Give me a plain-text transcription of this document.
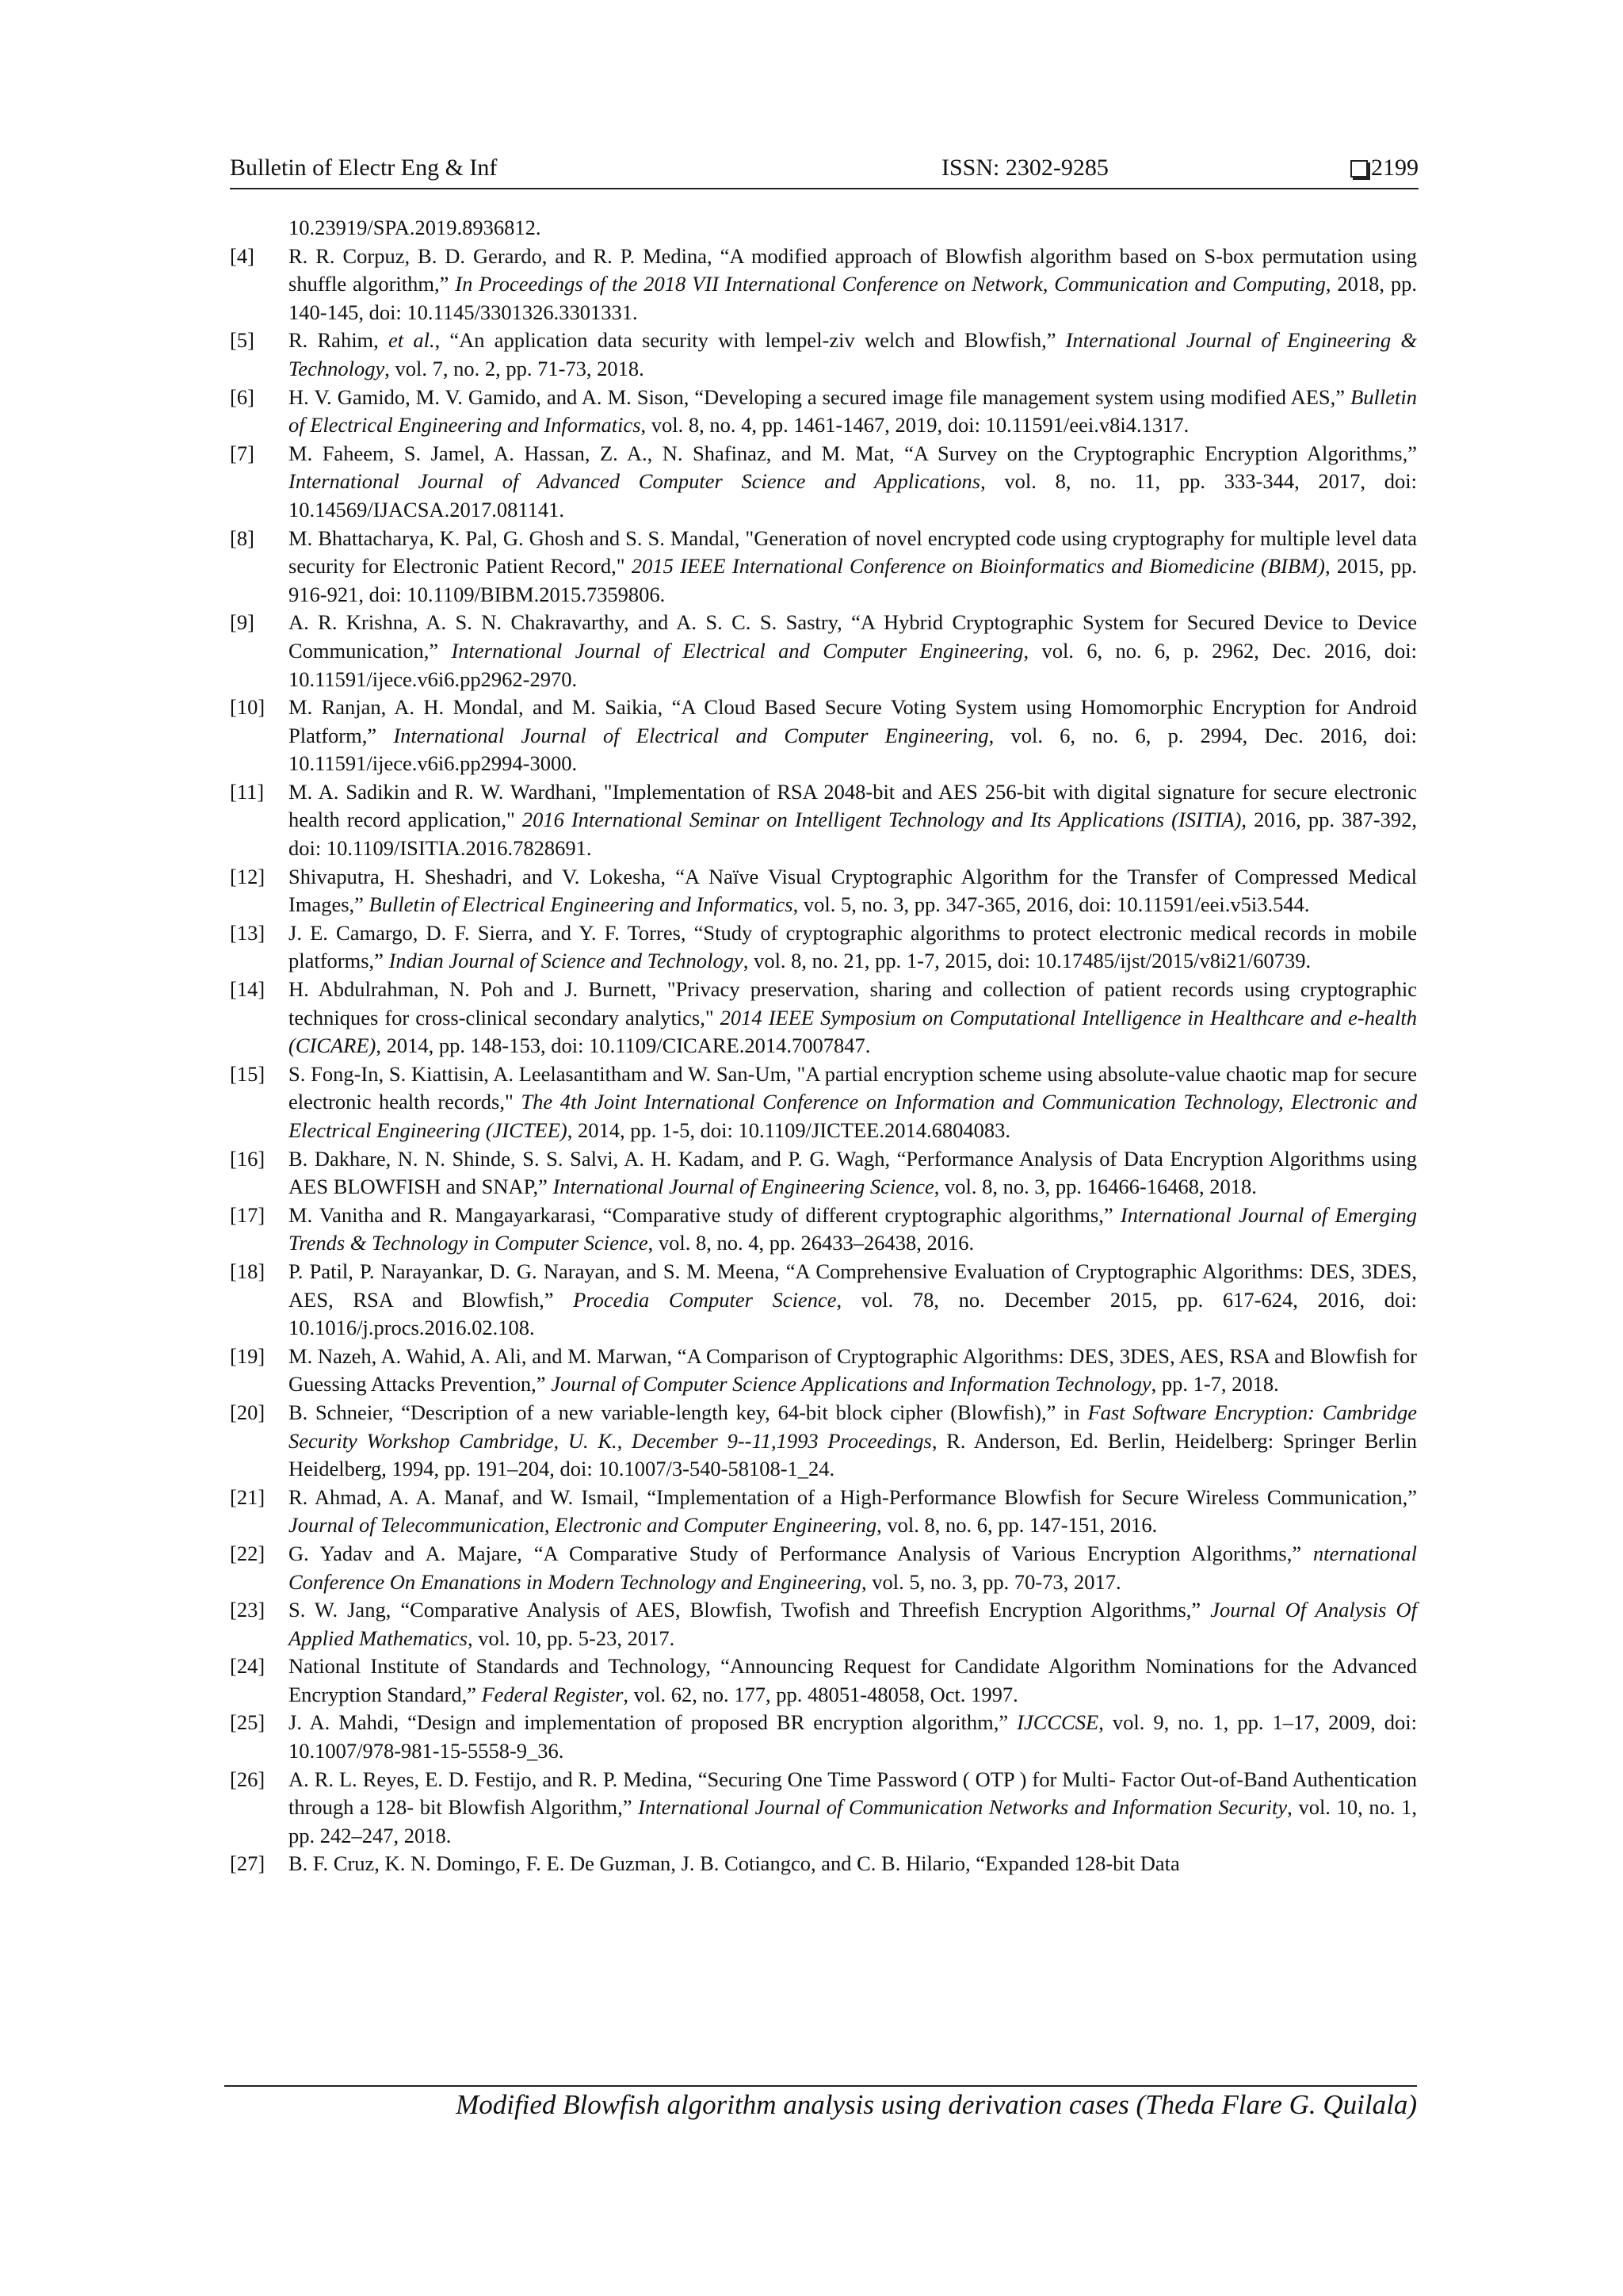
Bulletin of Electr Eng & Inf	ISSN: 2302-9285	2199
10.23919/SPA.2019.8936812.
[4] R. R. Corpuz, B. D. Gerardo, and R. P. Medina, “A modified approach of Blowfish algorithm based on S-box permutation using shuffle algorithm,” In Proceedings of the 2018 VII International Conference on Network, Communication and Computing, 2018, pp. 140-145, doi: 10.1145/3301326.3301331.
[5] R. Rahim, et al., “An application data security with lempel-ziv welch and Blowfish,” International Journal of Engineering & Technology, vol. 7, no. 2, pp. 71-73, 2018.
[6] H. V. Gamido, M. V. Gamido, and A. M. Sison, “Developing a secured image file management system using modified AES,” Bulletin of Electrical Engineering and Informatics, vol. 8, no. 4, pp. 1461-1467, 2019, doi: 10.11591/eei.v8i4.1317.
[7] M. Faheem, S. Jamel, A. Hassan, Z. A., N. Shafinaz, and M. Mat, “A Survey on the Cryptographic Encryption Algorithms,” International Journal of Advanced Computer Science and Applications, vol. 8, no. 11, pp. 333-344, 2017, doi: 10.14569/IJACSA.2017.081141.
[8] M. Bhattacharya, K. Pal, G. Ghosh and S. S. Mandal, "Generation of novel encrypted code using cryptography for multiple level data security for Electronic Patient Record," 2015 IEEE International Conference on Bioinformatics and Biomedicine (BIBM), 2015, pp. 916-921, doi: 10.1109/BIBM.2015.7359806.
[9] A. R. Krishna, A. S. N. Chakravarthy, and A. S. C. S. Sastry, “A Hybrid Cryptographic System for Secured Device to Device Communication,” International Journal of Electrical and Computer Engineering, vol. 6, no. 6, p. 2962, Dec. 2016, doi: 10.11591/ijece.v6i6.pp2962-2970.
[10] M. Ranjan, A. H. Mondal, and M. Saikia, “A Cloud Based Secure Voting System using Homomorphic Encryption for Android Platform,” International Journal of Electrical and Computer Engineering, vol. 6, no. 6, p. 2994, Dec. 2016, doi: 10.11591/ijece.v6i6.pp2994-3000.
[11] M. A. Sadikin and R. W. Wardhani, "Implementation of RSA 2048-bit and AES 256-bit with digital signature for secure electronic health record application," 2016 International Seminar on Intelligent Technology and Its Applications (ISITIA), 2016, pp. 387-392, doi: 10.1109/ISITIA.2016.7828691.
[12] Shivaputra, H. Sheshadri, and V. Lokesha, “A Naïve Visual Cryptographic Algorithm for the Transfer of Compressed Medical Images,” Bulletin of Electrical Engineering and Informatics, vol. 5, no. 3, pp. 347-365, 2016, doi: 10.11591/eei.v5i3.544.
[13] J. E. Camargo, D. F. Sierra, and Y. F. Torres, “Study of cryptographic algorithms to protect electronic medical records in mobile platforms,” Indian Journal of Science and Technology, vol. 8, no. 21, pp. 1-7, 2015, doi: 10.17485/ijst/2015/v8i21/60739.
[14] H. Abdulrahman, N. Poh and J. Burnett, "Privacy preservation, sharing and collection of patient records using cryptographic techniques for cross-clinical secondary analytics," 2014 IEEE Symposium on Computational Intelligence in Healthcare and e-health (CICARE), 2014, pp. 148-153, doi: 10.1109/CICARE.2014.7007847.
[15] S. Fong-In, S. Kiattisin, A. Leelasantitham and W. San-Um, "A partial encryption scheme using absolute-value chaotic map for secure electronic health records," The 4th Joint International Conference on Information and Communication Technology, Electronic and Electrical Engineering (JICTEE), 2014, pp. 1-5, doi: 10.1109/JICTEE.2014.6804083.
[16] B. Dakhare, N. N. Shinde, S. S. Salvi, A. H. Kadam, and P. G. Wagh, “Performance Analysis of Data Encryption Algorithms using AES BLOWFISH and SNAP,” International Journal of Engineering Science, vol. 8, no. 3, pp. 16466-16468, 2018.
[17] M. Vanitha and R. Mangayarkarasi, “Comparative study of different cryptographic algorithms,” International Journal of Emerging Trends & Technology in Computer Science, vol. 8, no. 4, pp. 26433–26438, 2016.
[18] P. Patil, P. Narayankar, D. G. Narayan, and S. M. Meena, “A Comprehensive Evaluation of Cryptographic Algorithms: DES, 3DES, AES, RSA and Blowfish,” Procedia Computer Science, vol. 78, no. December 2015, pp. 617-624, 2016, doi: 10.1016/j.procs.2016.02.108.
[19] M. Nazeh, A. Wahid, A. Ali, and M. Marwan, “A Comparison of Cryptographic Algorithms: DES, 3DES, AES, RSA and Blowfish for Guessing Attacks Prevention,” Journal of Computer Science Applications and Information Technology, pp. 1-7, 2018.
[20] B. Schneier, “Description of a new variable-length key, 64-bit block cipher (Blowfish),” in Fast Software Encryption: Cambridge Security Workshop Cambridge, U. K., December 9--11,1993 Proceedings, R. Anderson, Ed. Berlin, Heidelberg: Springer Berlin Heidelberg, 1994, pp. 191–204, doi: 10.1007/3-540-58108-1_24.
[21] R. Ahmad, A. A. Manaf, and W. Ismail, “Implementation of a High-Performance Blowfish for Secure Wireless Communication,” Journal of Telecommunication, Electronic and Computer Engineering, vol. 8, no. 6, pp. 147-151, 2016.
[22] G. Yadav and A. Majare, “A Comparative Study of Performance Analysis of Various Encryption Algorithms,” nternational Conference On Emanations in Modern Technology and Engineering, vol. 5, no. 3, pp. 70-73, 2017.
[23] S. W. Jang, “Comparative Analysis of AES, Blowfish, Twofish and Threefish Encryption Algorithms,” Journal Of Analysis Of Applied Mathematics, vol. 10, pp. 5-23, 2017.
[24] National Institute of Standards and Technology, “Announcing Request for Candidate Algorithm Nominations for the Advanced Encryption Standard,” Federal Register, vol. 62, no. 177, pp. 48051-48058, Oct. 1997.
[25] J. A. Mahdi, “Design and implementation of proposed BR encryption algorithm,” IJCCCSE, vol. 9, no. 1, pp. 1–17, 2009, doi: 10.1007/978-981-15-5558-9_36.
[26] A. R. L. Reyes, E. D. Festijo, and R. P. Medina, “Securing One Time Password ( OTP ) for Multi- Factor Out-of-Band Authentication through a 128- bit Blowfish Algorithm,” International Journal of Communication Networks and Information Security, vol. 10, no. 1, pp. 242–247, 2018.
[27] B. F. Cruz, K. N. Domingo, F. E. De Guzman, J. B. Cotiangco, and C. B. Hilario, “Expanded 128-bit Data
Modified Blowfish algorithm analysis using derivation cases (Theda Flare G. Quilala)
